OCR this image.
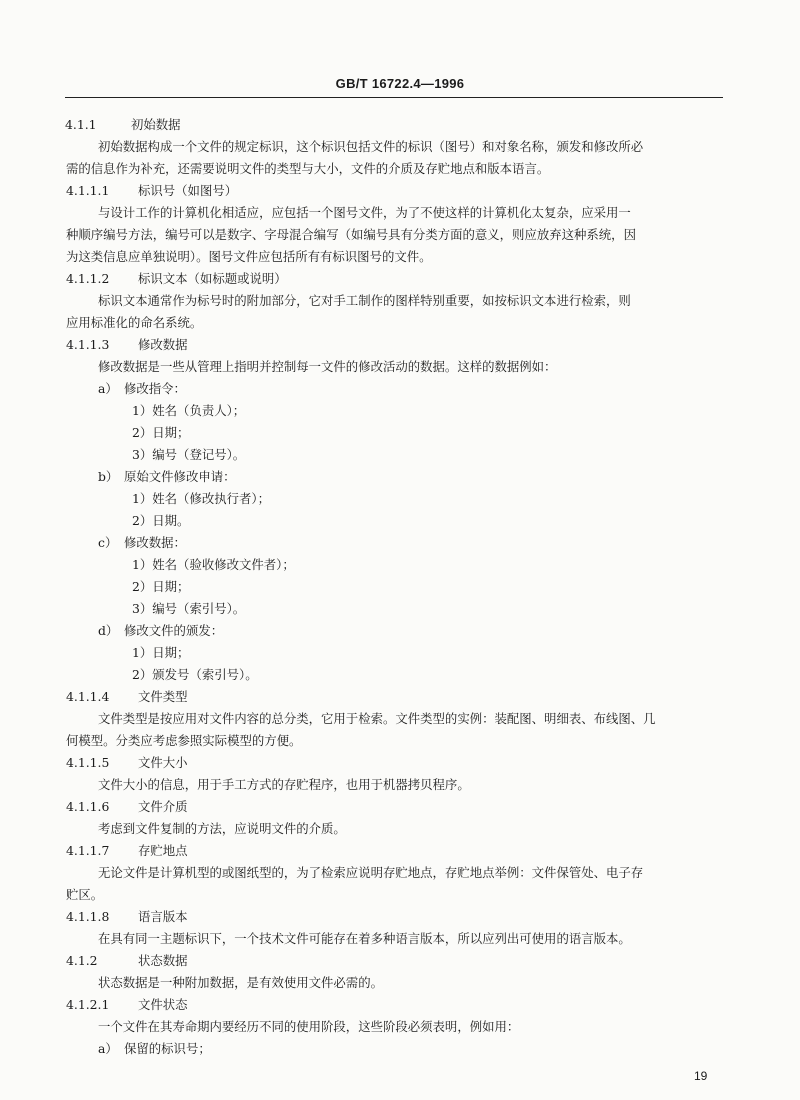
GB/T 16722.4—1996
4.1.1	初始数据
初始数据构成一个文件的规定标识，这个标识包括文件的标识（图号）和对象名称，颁发和修改所必
需的信息作为补充，还需要说明文件的类型与大小，文件的介质及存贮地点和版本语言。
4.1.1.1 标识号（如图号）
与设计工作的计算机化相适应，应包括一个图号文件，为了不使这样的计算机化太复杂，应采用一
种顺序编号方法，编号可以是数字、字母混合编写（如编号具有分类方面的意义，则应放弃这种系统，因
为这类信息应单独说明）。图号文件应包括所有有标识图号的文件。
4.1.1.2 标识文本（如标题或说明）
标识文本通常作为标号时的附加部分，它对手工制作的图样特别重要，如按标识文本进行检索，则
应用标准化的命名系统。
4.1.1.3 修改数据
修改数据是一些从管理上指明并控制每一文件的修改活动的数据。这样的数据例如：
a） 修改指令：
1）姓名（负责人）；
2）日期；
3）编号（登记号）。
b） 原始文件修改申请：
1）姓名（修改执行者）；
2）日期。
c） 修改数据：
1）姓名（验收修改文件者）；
2）日期；
3）编号（索引号）。
d） 修改文件的颁发：
1）日期；
2）颁发号（索引号）。
4.1.1.4 文件类型
文件类型是按应用对文件内容的总分类，它用于检索。文件类型的实例：装配图、明细表、布线图、几
何模型。分类应考虑参照实际模型的方便。
4.1.1.5 文件大小
文件大小的信息，用于手工方式的存贮程序，也用于机器拷贝程序。
4.1.1.6 文件介质
考虑到文件复制的方法，应说明文件的介质。
4.1.1.7 存贮地点
无论文件是计算机型的或图纸型的，为了检索应说明存贮地点，存贮地点举例：文件保管处、电子存
贮区。
4.1.1.8 语言版本
在具有同一主题标识下，一个技术文件可能存在着多种语言版本，所以应列出可使用的语言版本。
4.1.2	状态数据
状态数据是一种附加数据，是有效使用文件必需的。
4.1.2.1 文件状态
一个文件在其寿命期内要经历不同的使用阶段，这些阶段必须表明，例如用：
a） 保留的标识号；
19
